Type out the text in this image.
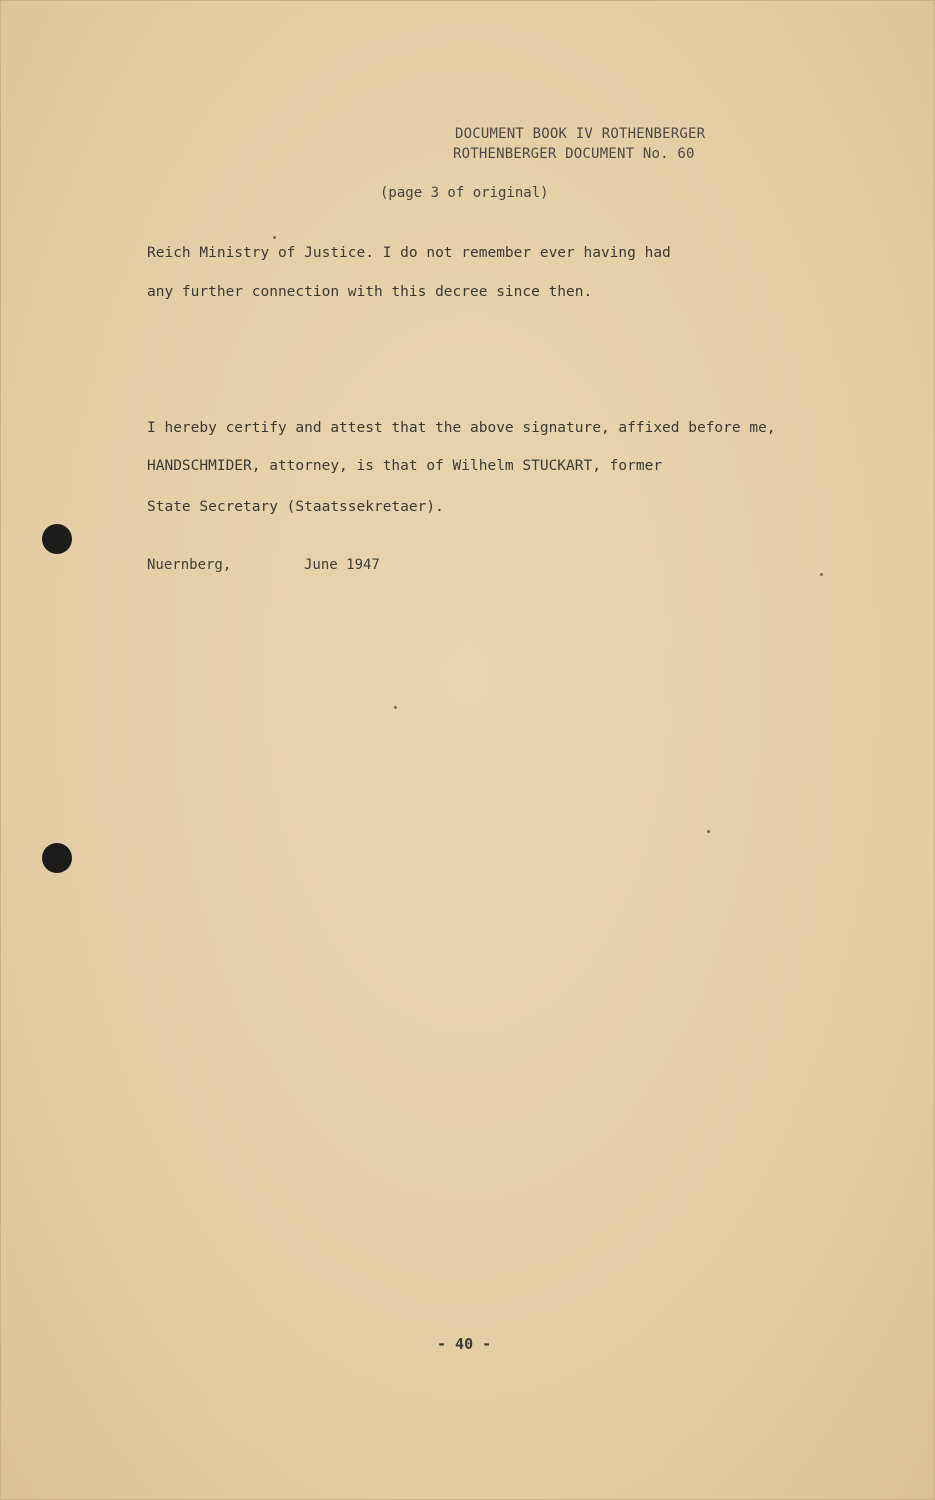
DOCUMENT BOOK IV ROTHENBERGER
ROTHENBERGER DOCUMENT No. 60
(page 3 of original)
Reich Ministry of Justice. I do not remember ever having had
any further connection with this decree since then.
I hereby certify and attest that the above signature, affixed before me,
HANDSCHMIDER, attorney, is that of Wilhelm STUCKART, former
State Secretary (Staatssekretaer).
Nuernberg,	June 1947
- 40 -
